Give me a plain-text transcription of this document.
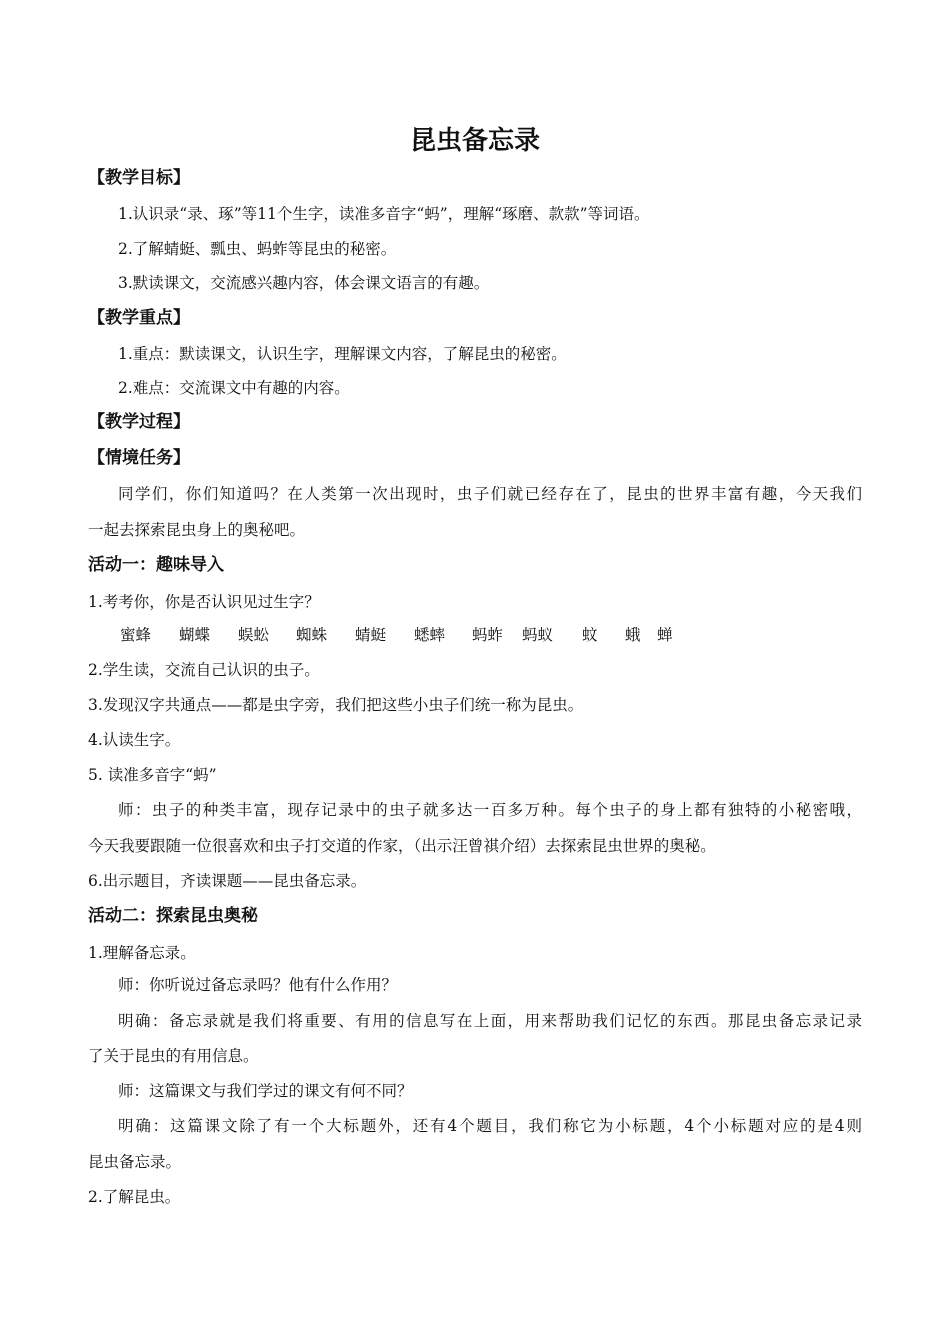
昆虫备忘录
【教学目标】
1.认识录“录、琢”等11个生字，读准多音字“蚂”，理解“琢磨、款款”等词语。
2.了解蜻蜓、瓢虫、蚂蚱等昆虫的秘密。
3.默读课文，交流感兴趣内容，体会课文语言的有趣。
【教学重点】
1.重点：默读课文，认识生字，理解课文内容，了解昆虫的秘密。
2.难点：交流课文中有趣的内容。
【教学过程】
【情境任务】
同学们，你们知道吗？在人类第一次出现时，虫子们就已经存在了，昆虫的世界丰富有趣，今天我们
一起去探索昆虫身上的奥秘吧。
活动一：趣味导入
1.考考你，你是否认识见过生字？
蜜蜂 蝴蝶 蜈蚣 蜘蛛 蜻蜓 蟋蟀 蚂蚱 蚂蚁 蚊 蛾 蝉
2.学生读，交流自己认识的虫子。
3.发现汉字共通点——都是虫字旁，我们把这些小虫子们统一称为昆虫。
4.认读生字。
5. 读准多音字“蚂”
师：虫子的种类丰富，现存记录中的虫子就多达一百多万种。每个虫子的身上都有独特的小秘密哦，
今天我要跟随一位很喜欢和虫子打交道的作家，（出示汪曾祺介绍）去探索昆虫世界的奥秘。
6.出示题目，齐读课题——昆虫备忘录。
活动二：探索昆虫奥秘
1.理解备忘录。
师：你听说过备忘录吗？他有什么作用？
明确：备忘录就是我们将重要、有用的信息写在上面，用来帮助我们记忆的东西。那昆虫备忘录记录
了关于昆虫的有用信息。
师：这篇课文与我们学过的课文有何不同？
明确：这篇课文除了有一个大标题外，还有4个题目，我们称它为小标题，4个小标题对应的是4则
昆虫备忘录。
2.了解昆虫。
